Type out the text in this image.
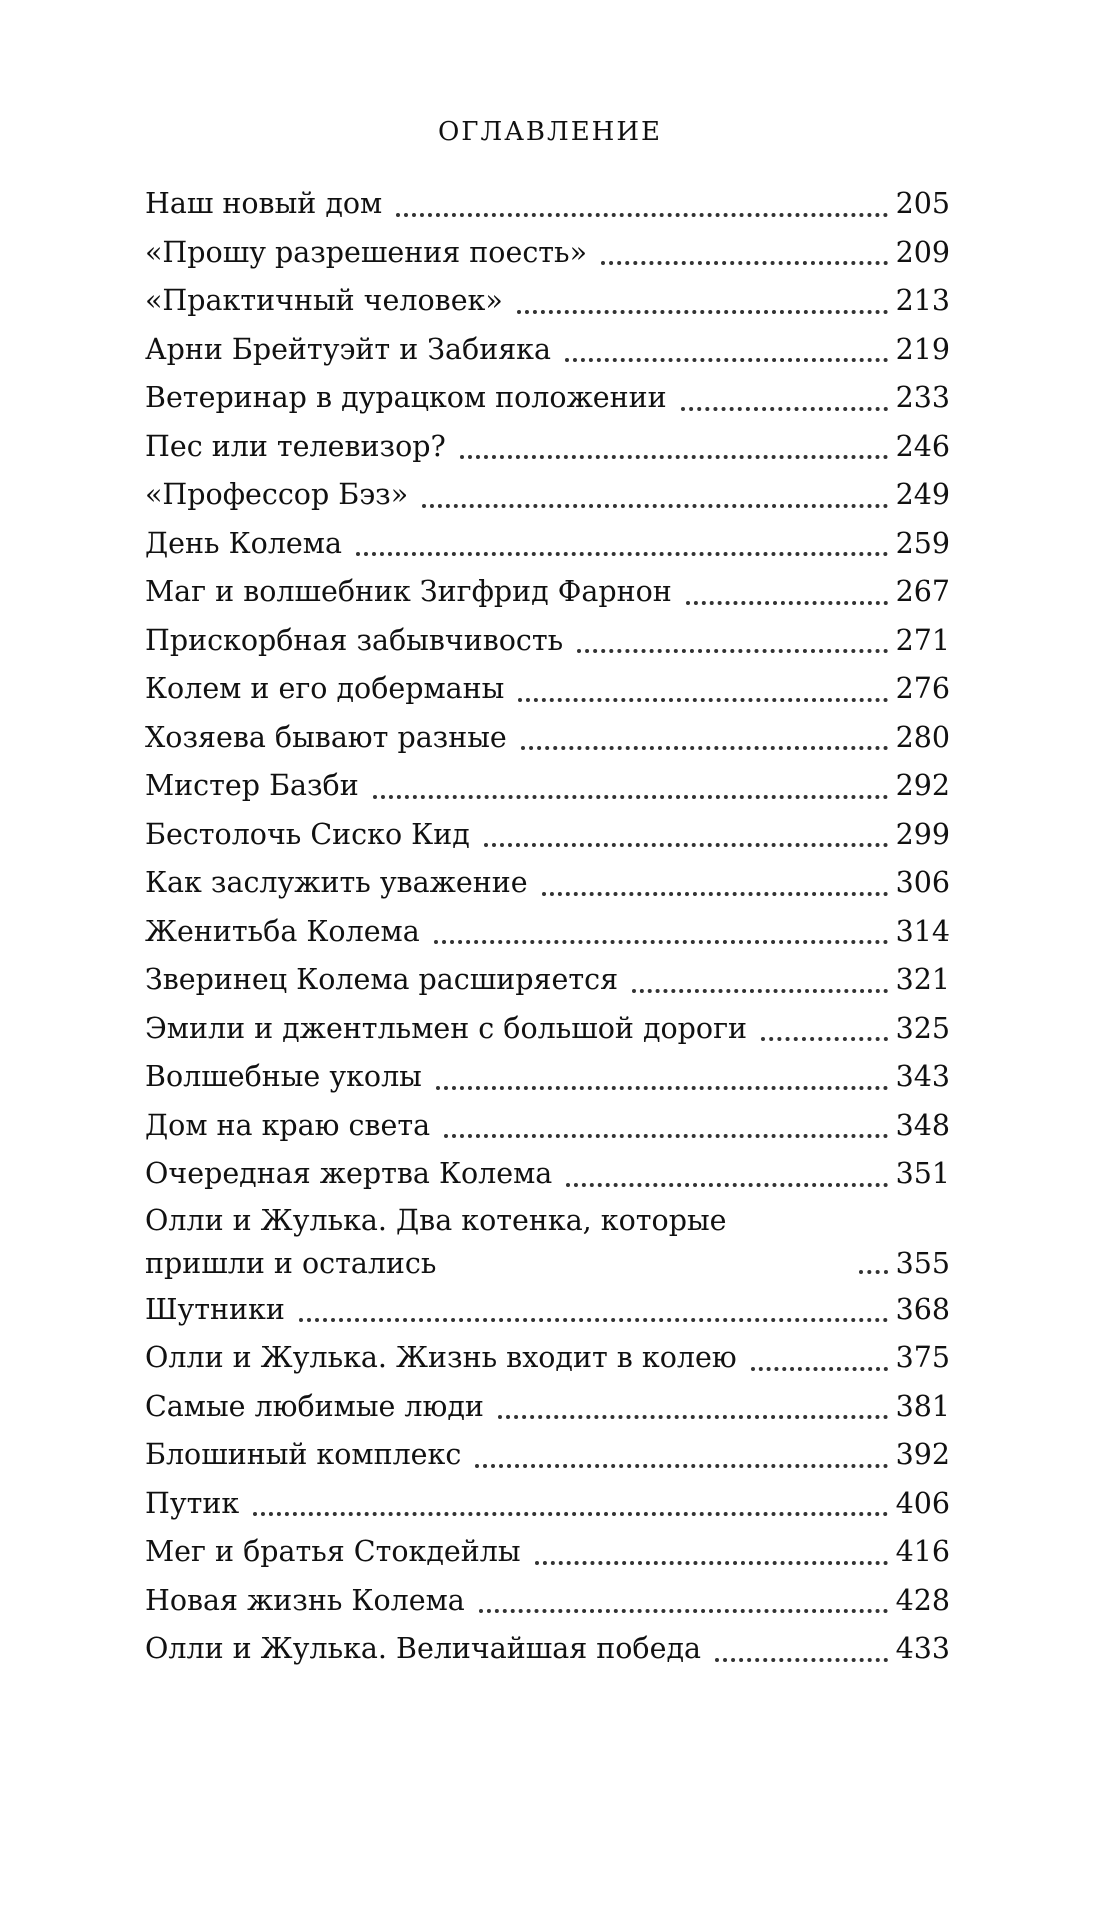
ОГЛАВЛЕНИЕ
Наш новый дом	205
«Прошу разрешения поесть»	209
«Практичный человек»	213
Арни Брейтуэйт и Забияка	219
Ветеринар в дурацком положении	233
Пес или телевизор?	246
«Профессор Бэз»	249
День Колема	259
Маг и волшебник Зигфрид Фарнон	267
Прискорбная забывчивость	271
Колем и его доберманы	276
Хозяева бывают разные	280
Мистер Базби	292
Бестолочь Сиско Кид	299
Как заслужить уважение	306
Женитьба Колема	314
Зверинец Колема расширяется	321
Эмили и джентльмен с большой дороги	325
Волшебные уколы	343
Дом на краю света	348
Очередная жертва Колема	351
Олли и Жулька. Два котенка, которые пришли и остались	355
Шутники	368
Олли и Жулька. Жизнь входит в колею	375
Самые любимые люди	381
Блошиный комплекс	392
Путик	406
Мег и братья Стокдейлы	416
Новая жизнь Колема	428
Олли и Жулька. Величайшая победа	433
